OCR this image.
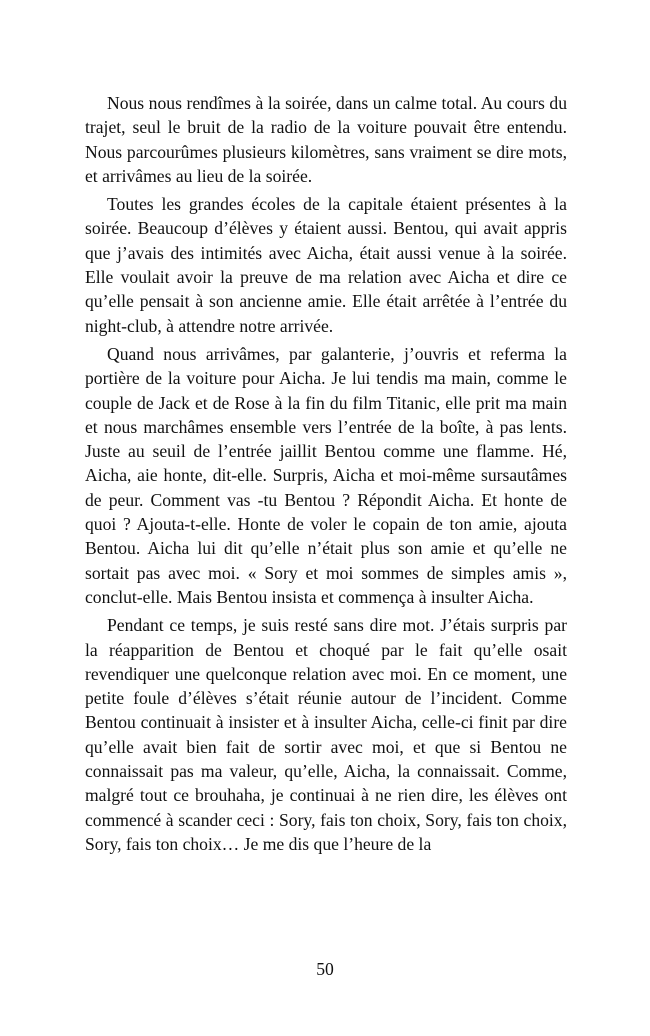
Nous nous rendîmes à la soirée, dans un calme total. Au cours du trajet, seul le bruit de la radio de la voiture pouvait être entendu. Nous parcourûmes plusieurs kilomètres, sans vraiment se dire mots, et arrivâmes au lieu de la soirée.

Toutes les grandes écoles de la capitale étaient présentes à la soirée. Beaucoup d’élèves y étaient aussi. Bentou, qui avait appris que j’avais des intimités avec Aicha, était aussi venue à la soirée. Elle voulait avoir la preuve de ma relation avec Aicha et dire ce qu’elle pensait à son ancienne amie. Elle était arrêtée à l’entrée du night-club, à attendre notre arrivée.

Quand nous arrivâmes, par galanterie, j’ouvris et referma la portière de la voiture pour Aicha. Je lui tendis ma main, comme le couple de Jack et de Rose à la fin du film Titanic, elle prit ma main et nous marchâmes ensemble vers l’entrée de la boîte, à pas lents. Juste au seuil de l’entrée jaillit Bentou comme une flamme. Hé, Aicha, aie honte, dit-elle. Surpris, Aicha et moi-même sursautâmes de peur. Comment vas -tu Bentou ? Répondit Aicha. Et honte de quoi ? Ajouta-t-elle. Honte de voler le copain de ton amie, ajouta Bentou. Aicha lui dit qu’elle n’était plus son amie et qu’elle ne sortait pas avec moi. « Sory et moi sommes de simples amis », conclut-elle. Mais Bentou insista et commença à insulter Aicha.

Pendant ce temps, je suis resté sans dire mot. J’étais surpris par la réapparition de Bentou et choqué par le fait qu’elle osait revendiquer une quelconque relation avec moi. En ce moment, une petite foule d’élèves s’était réunie autour de l’incident. Comme Bentou continuait à insister et à insulter Aicha, celle-ci finit par dire qu’elle avait bien fait de sortir avec moi, et que si Bentou ne connaissait pas ma valeur, qu’elle, Aicha, la connaissait. Comme, malgré tout ce brouhaha, je continuai à ne rien dire, les élèves ont commencé à scander ceci : Sory, fais ton choix, Sory, fais ton choix, Sory, fais ton choix… Je me dis que l’heure de la

50
